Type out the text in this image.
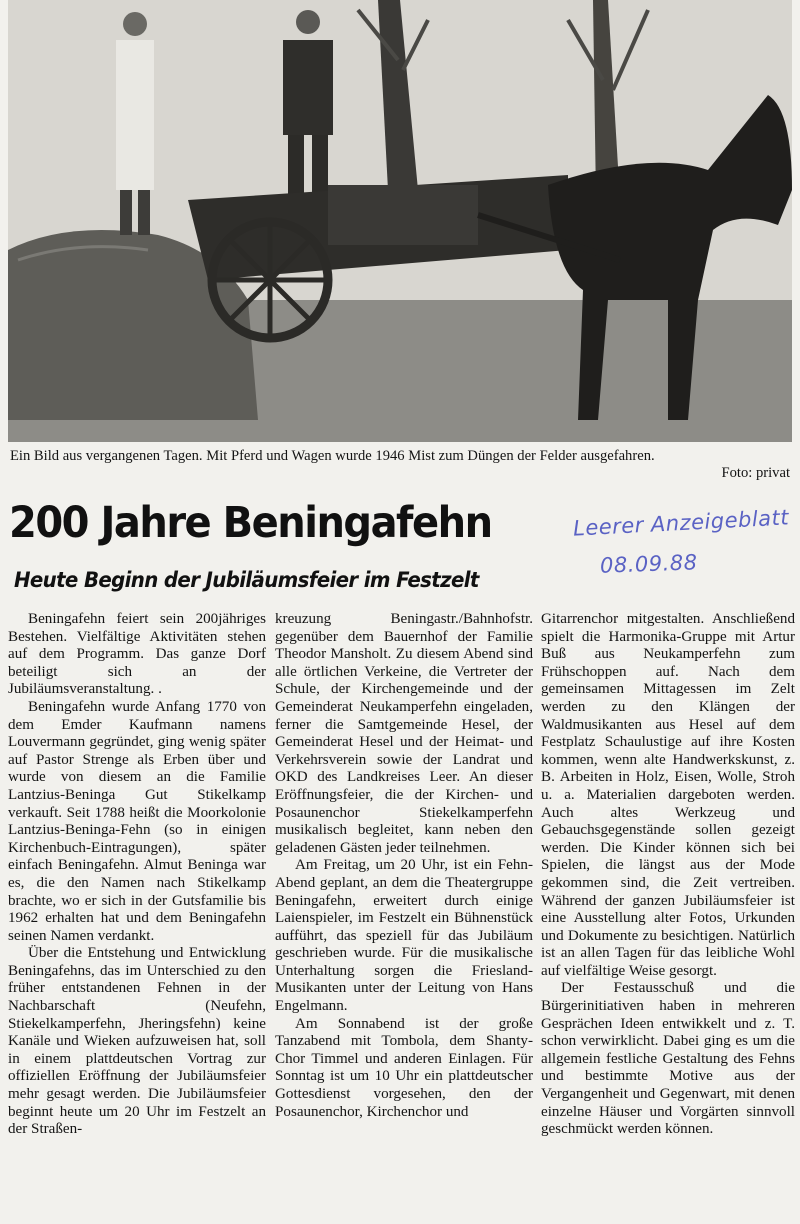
Ein Bild aus vergangenen Tagen. Mit Pferd und Wagen wurde 1946 Mist zum Düngen der Felder ausgefahren.
Foto: privat
200 Jahre Beningafehn
Heute Beginn der Jubiläumsfeier im Festzelt
Leerer Anzeigeblatt
08.09.88

Beningafehn feiert sein 200jähriges Bestehen. Vielfältige Aktivitäten stehen auf dem Programm. Das ganze Dorf beteiligt sich an der Jubiläumsveranstaltung. .

Beningafehn wurde Anfang 1770 von dem Emder Kaufmann namens Louvermann gegründet, ging wenig später auf Pastor Strenge als Erben über und wurde von diesem an die Familie Lantzius-Beninga Gut Stikelkamp verkauft. Seit 1788 heißt die Moorkolonie Lantzius-Beninga-Fehn (so in einigen Kirchenbuch-Eintragungen), später einfach Beningafehn. Almut Beninga war es, die den Namen nach Stikelkamp brachte, wo er sich in der Gutsfamilie bis 1962 erhalten hat und dem Beningafehn seinen Namen verdankt.

Über die Entstehung und Entwicklung Beningafehns, das im Unterschied zu den früher entstandenen Fehnen in der Nachbarschaft (Neufehn, Stiekelkamperfehn, Jheringsfehn) keine Kanäle und Wieken aufzuweisen hat, soll in einem plattdeutschen Vortrag zur offiziellen Eröffnung der Jubiläumsfeier mehr gesagt werden. Die Jubiläumsfeier beginnt heute um 20 Uhr im Festzelt an der Straßen-

kreuzung Beningastr./Bahnhofstr. gegenüber dem Bauernhof der Familie Theodor Mansholt. Zu diesem Abend sind alle örtlichen Verkeine, die Vertreter der Schule, der Kirchengemeinde und der Gemeinderat Neukamperfehn eingeladen, ferner die Samtgemeinde Hesel, der Gemeinderat Hesel und der Heimat- und Verkehrsverein sowie der Landrat und OKD des Landkreises Leer. An dieser Eröffnungsfeier, die der Kirchen- und Posaunenchor Stiekelkamperfehn musikalisch begleitet, kann neben den geladenen Gästen jeder teilnehmen.

Am Freitag, um 20 Uhr, ist ein Fehn-Abend geplant, an dem die Theatergruppe Beningafehn, erweitert durch einige Laienspieler, im Festzelt ein Bühnenstück aufführt, das speziell für das Jubiläum geschrieben wurde. Für die musikalische Unterhaltung sorgen die Friesland-Musikanten unter der Leitung von Hans Engelmann.

Am Sonnabend ist der große Tanzabend mit Tombola, dem Shanty-Chor Timmel und anderen Einlagen. Für Sonntag ist um 10 Uhr ein plattdeutscher Gottesdienst vorgesehen, den der Posaunenchor, Kirchenchor und

Gitarrenchor mitgestalten. Anschließend spielt die Harmonika-Gruppe mit Artur Buß aus Neukamperfehn zum Frühschoppen auf. Nach dem gemeinsamen Mittagessen im Zelt werden zu den Klängen der Waldmusikanten aus Hesel auf dem Festplatz Schaulustige auf ihre Kosten kommen, wenn alte Handwerkskunst, z. B. Arbeiten in Holz, Eisen, Wolle, Stroh u. a. Materialien dargeboten werden. Auch altes Werkzeug und Gebauchsgegenstände sollen gezeigt werden. Die Kinder können sich bei Spielen, die längst aus der Mode gekommen sind, die Zeit vertreiben. Während der ganzen Jubiläumsfeier ist eine Ausstellung alter Fotos, Urkunden und Dokumente zu besichtigen. Natürlich ist an allen Tagen für das leibliche Wohl auf vielfältige Weise gesorgt.

Der Festausschuß und die Bürgerinitiativen haben in mehreren Gesprächen Ideen entwikkelt und z. T. schon verwirklicht. Dabei ging es um die allgemein festliche Gestaltung des Fehns und bestimmte Motive aus der Vergangenheit und Gegenwart, mit denen einzelne Häuser und Vorgärten sinnvoll geschmückt werden können.
